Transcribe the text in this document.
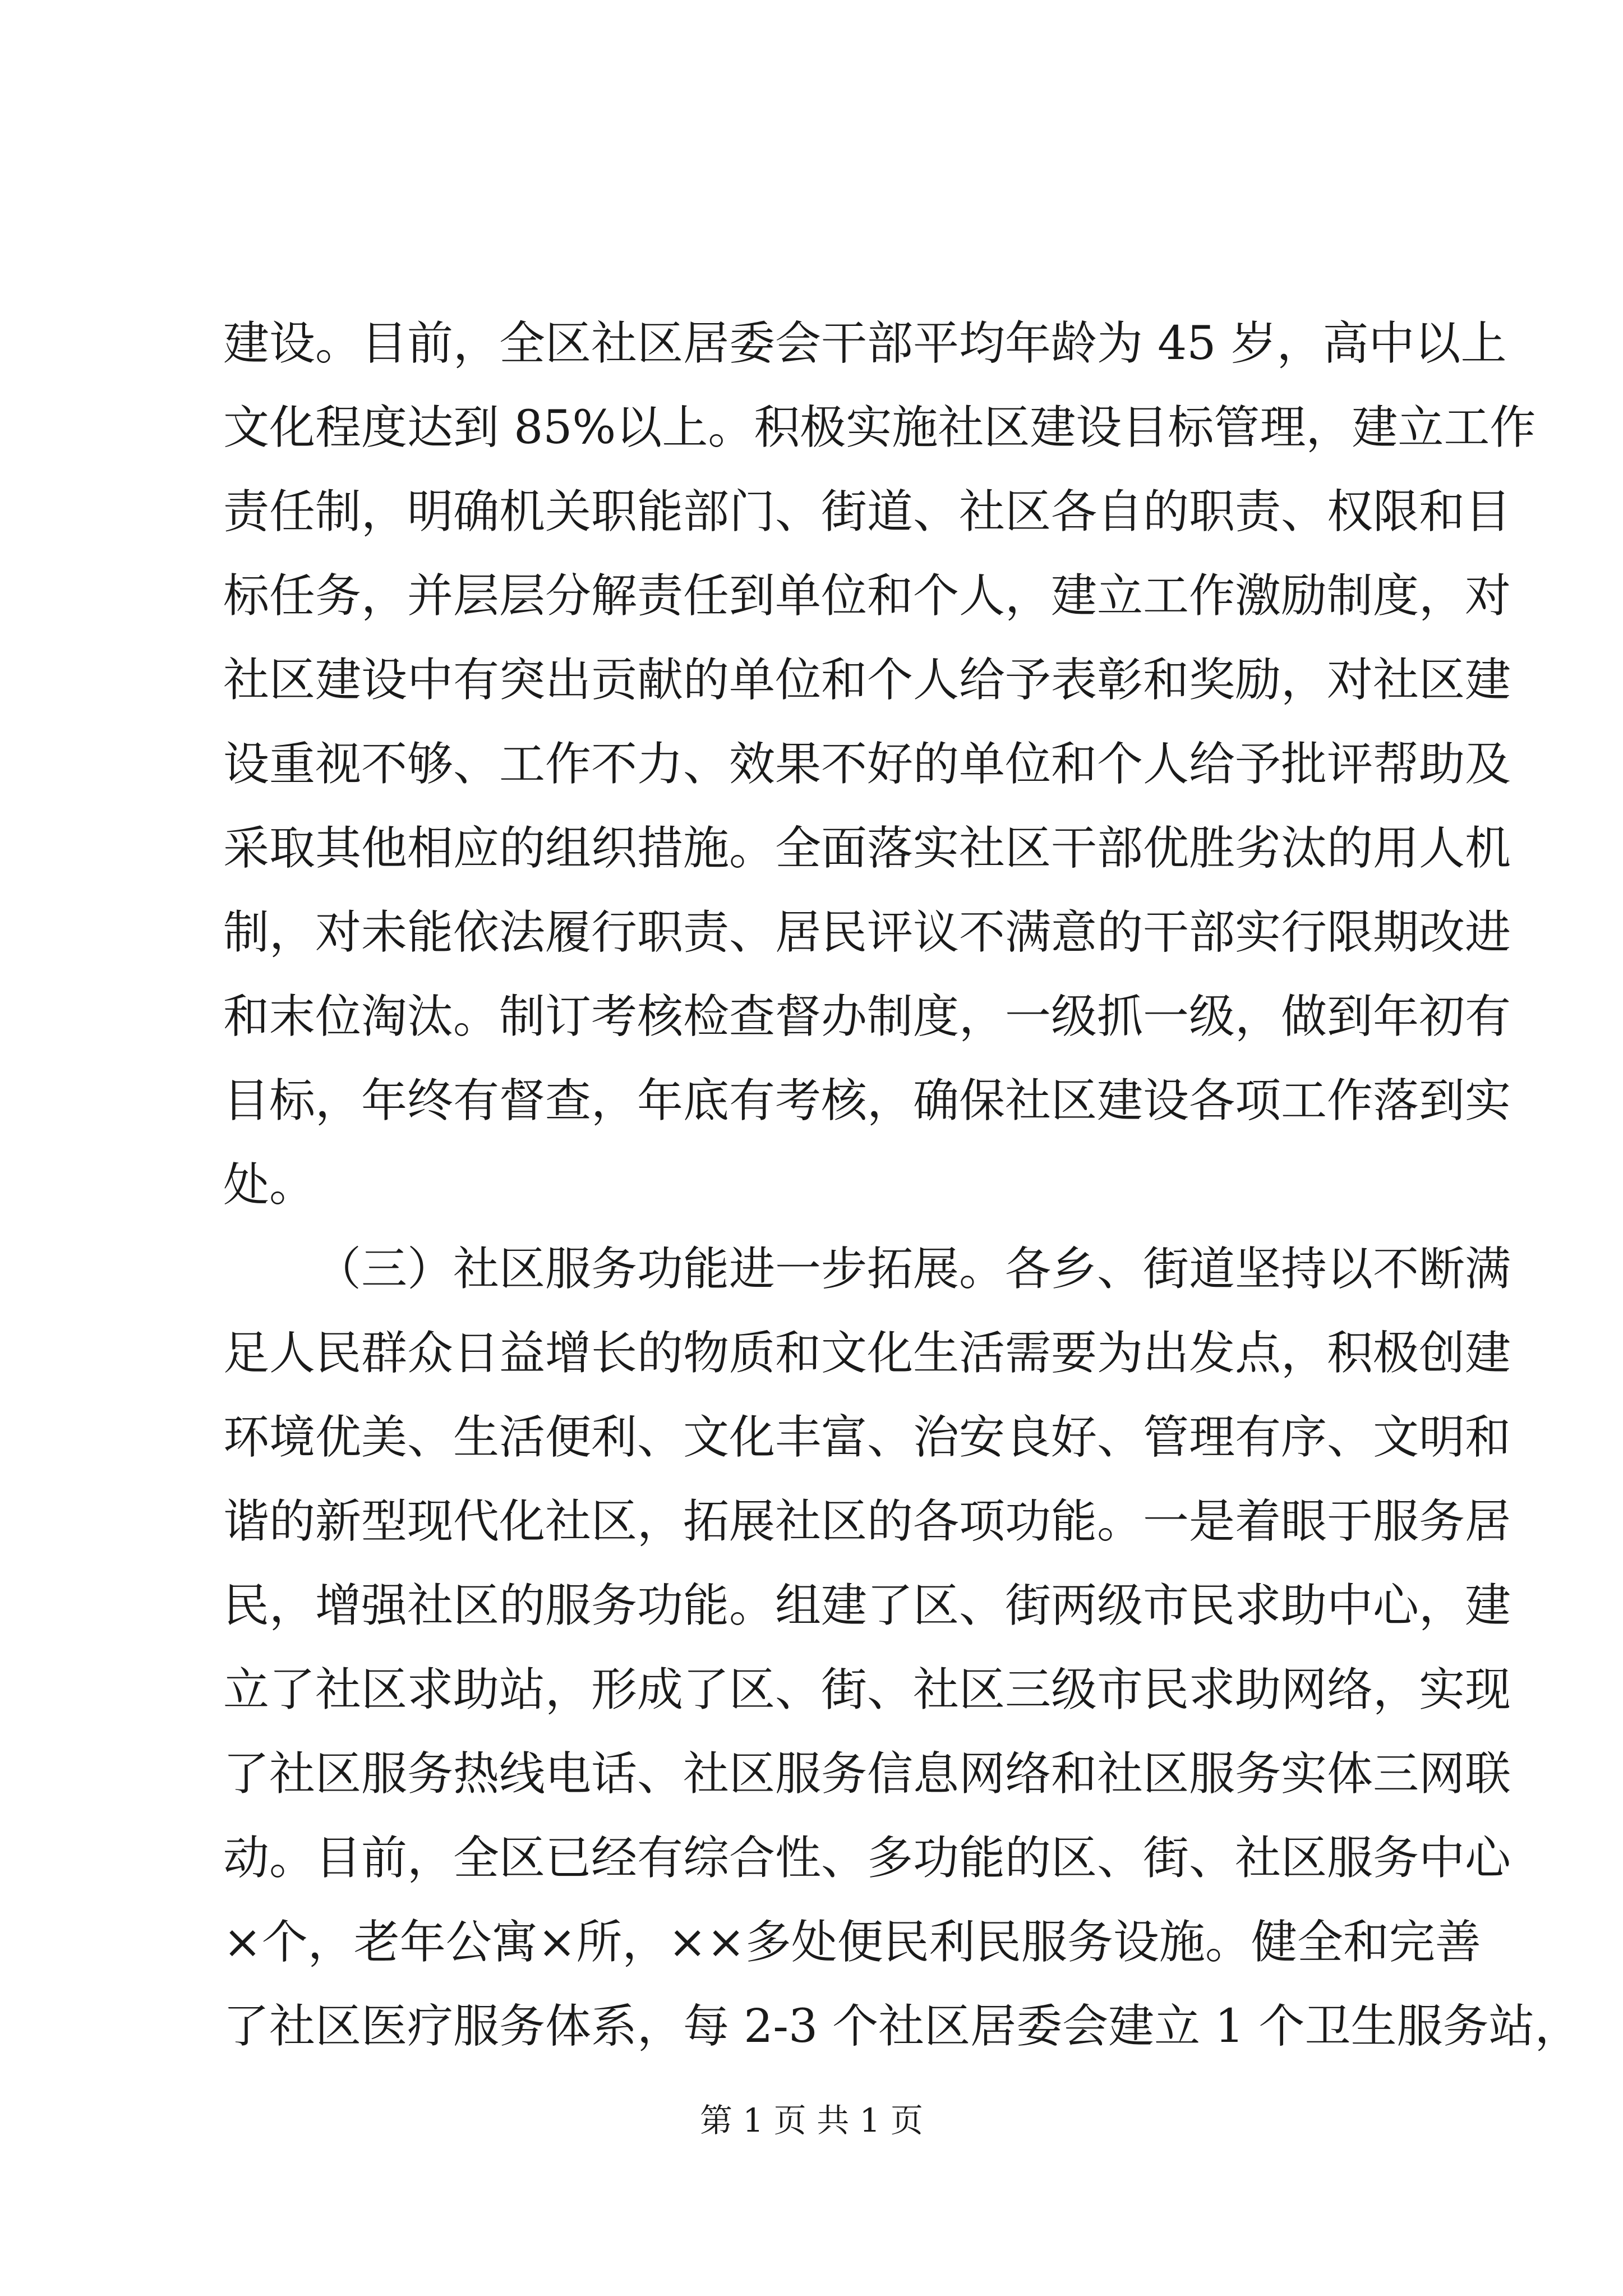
建设。目前，全区社区居委会干部平均年龄为 45 岁，高中以上
文化程度达到 85%以上。积极实施社区建设目标管理，建立工作
责任制，明确机关职能部门、街道、社区各自的职责、权限和目
标任务，并层层分解责任到单位和个人，建立工作激励制度，对
社区建设中有突出贡献的单位和个人给予表彰和奖励，对社区建
设重视不够、工作不力、效果不好的单位和个人给予批评帮助及
采取其他相应的组织措施。全面落实社区干部优胜劣汰的用人机
制，对未能依法履行职责、居民评议不满意的干部实行限期改进
和末位淘汰。制订考核检查督办制度，一级抓一级，做到年初有
目标，年终有督查，年底有考核，确保社区建设各项工作落到实
处。
（三）社区服务功能进一步拓展。各乡、街道坚持以不断满
足人民群众日益增长的物质和文化生活需要为出发点，积极创建
环境优美、生活便利、文化丰富、治安良好、管理有序、文明和
谐的新型现代化社区，拓展社区的各项功能。一是着眼于服务居
民，增强社区的服务功能。组建了区、街两级市民求助中心，建
立了社区求助站，形成了区、街、社区三级市民求助网络，实现
了社区服务热线电话、社区服务信息网络和社区服务实体三网联
动。目前，全区已经有综合性、多功能的区、街、社区服务中心
×个，老年公寓×所，××多处便民利民服务设施。健全和完善
了社区医疗服务体系，每 2-3 个社区居委会建立 1 个卫生服务站，
第 1 页 共 1 页
